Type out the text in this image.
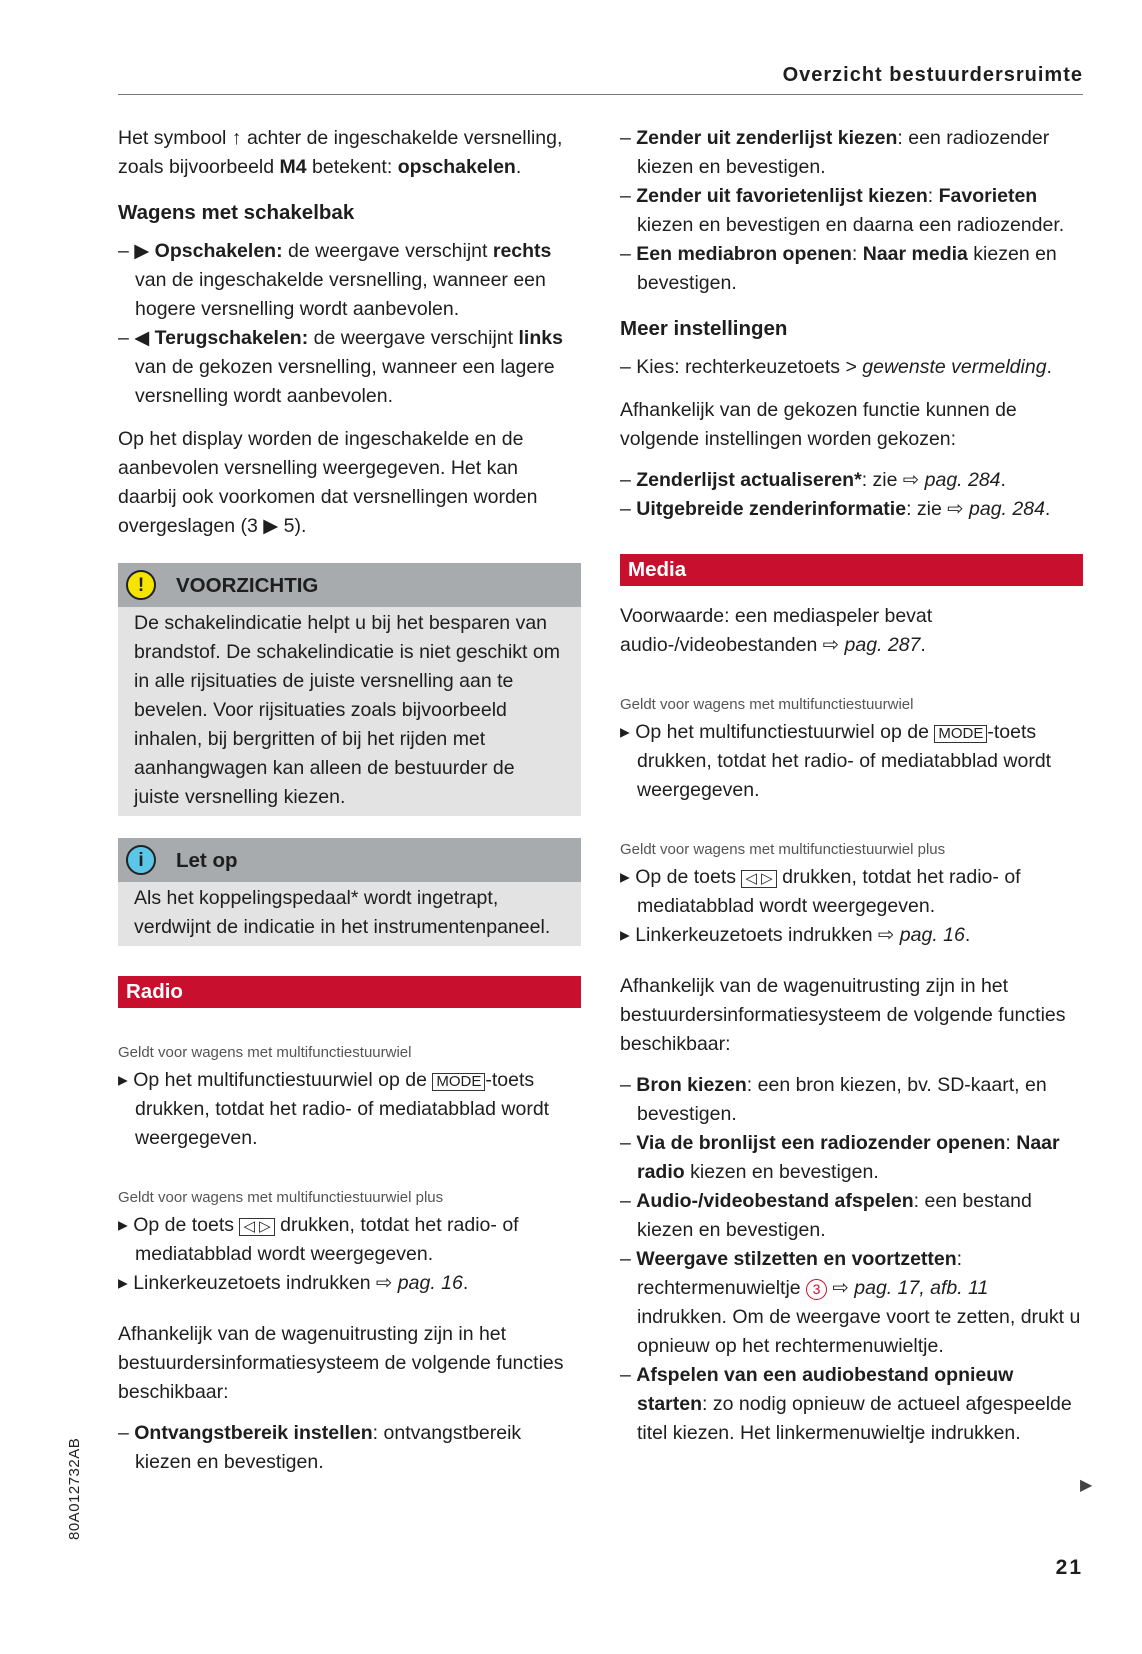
Overzicht bestuurdersruimte
Het symbool ↑ achter de ingeschakelde versnelling, zoals bijvoorbeeld M4 betekent: opschakelen.
Wagens met schakelbak
– ▶ Opschakelen: de weergave verschijnt rechts van de ingeschakelde versnelling, wanneer een hogere versnelling wordt aanbevolen.
– ◀ Terugschakelen: de weergave verschijnt links van de gekozen versnelling, wanneer een lagere versnelling wordt aanbevolen.
Op het display worden de ingeschakelde en de aanbevolen versnelling weergegeven. Het kan daarbij ook voorkomen dat versnellingen worden overgeslagen (3 ▶ 5).
!	VOORZICHTIG
De schakelindicatie helpt u bij het besparen van brandstof. De schakelindicatie is niet geschikt om in alle rijsituaties de juiste versnelling aan te bevelen. Voor rijsituaties zoals bijvoorbeeld inhalen, bij bergritten of bij het rijden met aanhangwagen kan alleen de bestuurder de juiste versnelling kiezen.
i	Let op
Als het koppelingspedaal* wordt ingetrapt, verdwijnt de indicatie in het instrumentenpaneel.
Radio
Geldt voor wagens met multifunctiestuurwiel
▸ Op het multifunctiestuurwiel op de MODE -toets drukken, totdat het radio- of mediatabblad wordt weergegeven.
Geldt voor wagens met multifunctiestuurwiel plus
▸ Op de toets ◁ ▷ drukken, totdat het radio- of mediatabblad wordt weergegeven.
▸ Linkerkeuzetoets indrukken ⇨ pag. 16.
Afhankelijk van de wagenuitrusting zijn in het bestuurdersinformatiesysteem de volgende functies beschikbaar:
– Ontvangstbereik instellen: ontvangstbereik kiezen en bevestigen.
– Zender uit zenderlijst kiezen: een radiozender kiezen en bevestigen.
– Zender uit favorietenlijst kiezen: Favorieten kiezen en bevestigen en daarna een radiozender.
– Een mediabron openen: Naar media kiezen en bevestigen.
Meer instellingen
– Kies: rechterkeuzetoets > gewenste vermelding.
Afhankelijk van de gekozen functie kunnen de volgende instellingen worden gekozen:
– Zenderlijst actualiseren*: zie ⇨ pag. 284.
– Uitgebreide zenderinformatie: zie ⇨ pag. 284.
Media
Voorwaarde: een mediaspeler bevat audio-/videobestanden ⇨ pag. 287.
Geldt voor wagens met multifunctiestuurwiel
▸ Op het multifunctiestuurwiel op de MODE -toets drukken, totdat het radio- of mediatabblad wordt weergegeven.
Geldt voor wagens met multifunctiestuurwiel plus
▸ Op de toets ◁ ▷ drukken, totdat het radio- of mediatabblad wordt weergegeven.
▸ Linkerkeuzetoets indrukken ⇨ pag. 16.
Afhankelijk van de wagenuitrusting zijn in het bestuurdersinformatiesysteem de volgende functies beschikbaar:
– Bron kiezen: een bron kiezen, bv. SD-kaart, en bevestigen.
– Via de bronlijst een radiozender openen: Naar radio kiezen en bevestigen.
– Audio-/videobestand afspelen: een bestand kiezen en bevestigen.
– Weergave stilzetten en voortzetten: rechtermenuwieltje 3 ⇨ pag. 17, afb. 11 indrukken. Om de weergave voort te zetten, drukt u opnieuw op het rechtermenuwieltje.
– Afspelen van een audiobestand opnieuw starten: zo nodig opnieuw de actueel afgespeelde titel kiezen. Het linkermenuwieltje indrukken.
80A012732AB
21
▶
